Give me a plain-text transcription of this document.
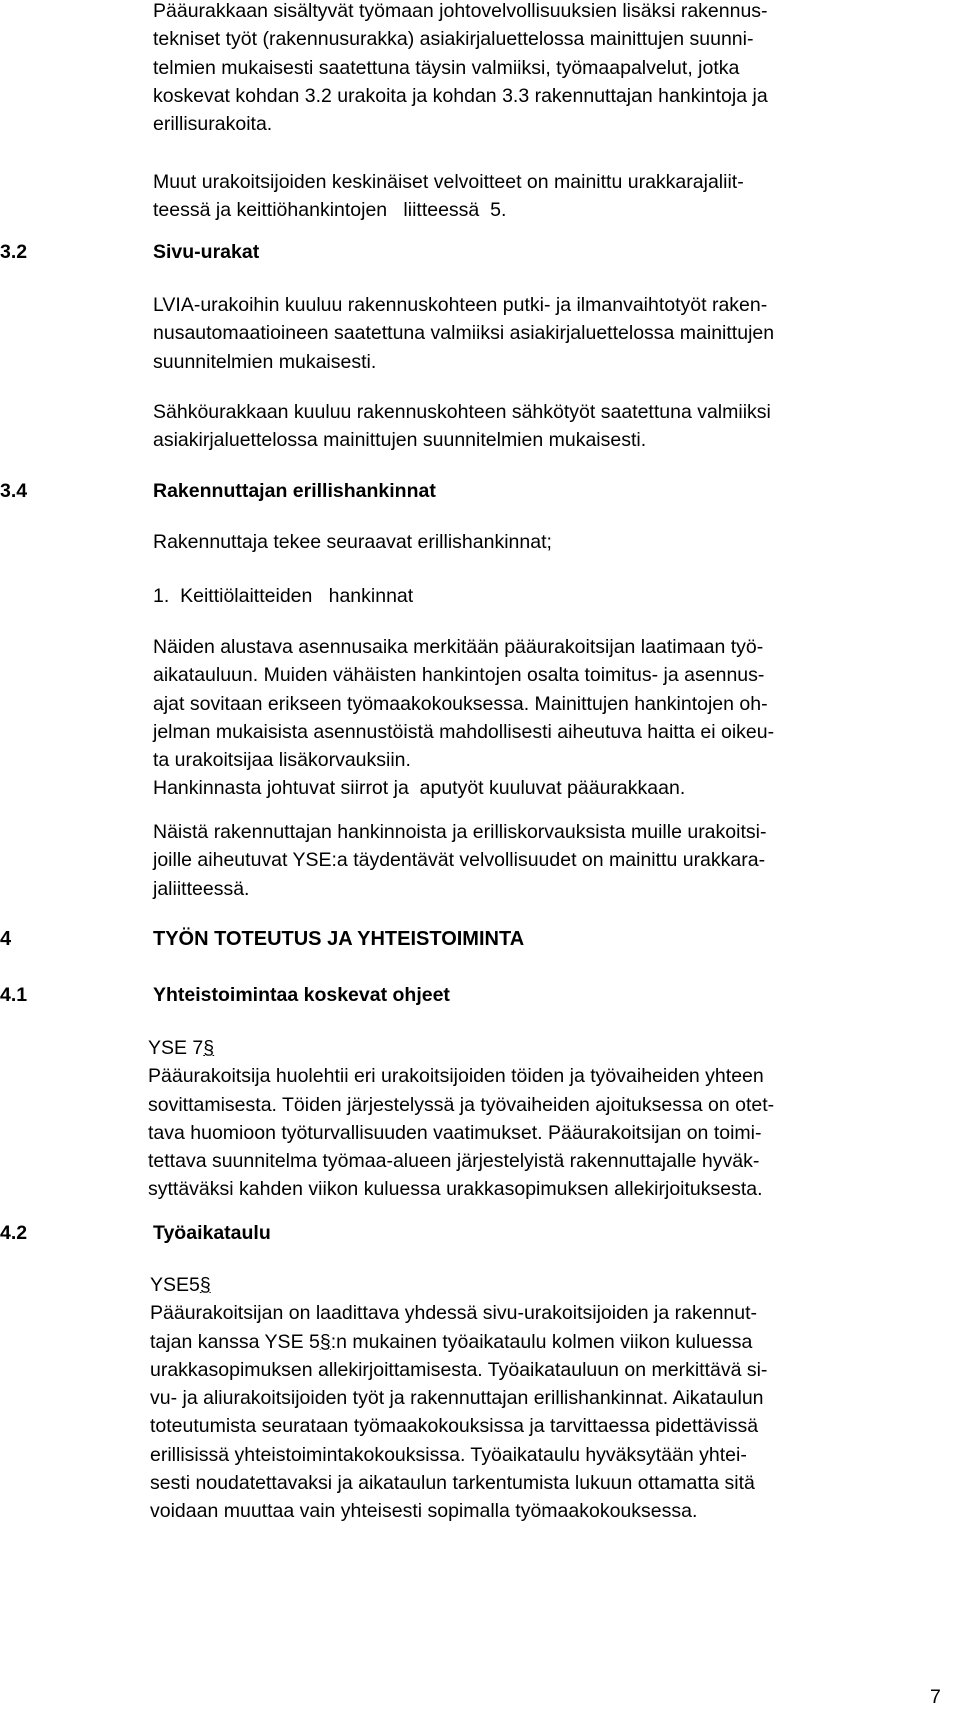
Pääurakkaan sisältyvät työmaan johtovelvollisuuksien lisäksi rakennus-
tekniset työt (rakennusurakka) asiakirjaluettelossa mainittujen suunni-
telmien mukaisesti saatettuna täysin valmiiksi, työmaapalvelut, jotka
koskevat kohdan 3.2 urakoita ja kohdan 3.3 rakennuttajan hankintoja ja
erillisurakoita.

Muut urakoitsijoiden keskinäiset velvoitteet on mainittu urakkarajaliit-
teessä ja keittiöhankintojen   liitteessä  5.

3.2	Sivu-urakat

LVIA-urakoihin kuuluu rakennuskohteen putki- ja ilmanvaihtotyöt raken-
nusautomaatioineen saatettuna valmiiksi asiakirjaluettelossa mainittujen
suunnitelmien mukaisesti.

Sähköurakkaan kuuluu rakennuskohteen sähkötyöt saatettuna valmiiksi
asiakirjaluettelossa mainittujen suunnitelmien mukaisesti.

3.4	Rakennuttajan erillishankinnat

Rakennuttaja tekee seuraavat erillishankinnat;

1.  Keittiölaitteiden   hankinnat

Näiden alustava asennusaika merkitään pääurakoitsijan laatimaan työ-
aikatauluun. Muiden vähäisten hankintojen osalta toimitus- ja asennus-
ajat sovitaan erikseen työmaakokouksessa. Mainittujen hankintojen oh-
jelman mukaisista asennustöistä mahdollisesti aiheutuva haitta ei oikeu-
ta urakoitsijaa lisäkorvauksiin.
Hankinnasta johtuvat siirrot ja  aputyöt kuuluvat pääurakkaan.

Näistä rakennuttajan hankinnoista ja erilliskorvauksista muille urakoitsi-
joille aiheutuvat YSE:a täydentävät velvollisuudet on mainittu urakkara-
jaliitteessä.

4	TYÖN TOTEUTUS JA YHTEISTOIMINTA
4.1	Yhteistoimintaa koskevat ohjeet

YSE 7§
Pääurakoitsija huolehtii eri urakoitsijoiden töiden ja työvaiheiden yhteen
sovittamisesta. Töiden järjestelyssä ja työvaiheiden ajoituksessa on otet-
tava huomioon työturvallisuuden vaatimukset. Pääurakoitsijan on toimi-
tettava suunnitelma työmaa-alueen järjestelyistä rakennuttajalle hyväk-
syttäväksi kahden viikon kuluessa urakkasopimuksen allekirjoituksesta.

4.2	Työaikataulu

YSE5§
Pääurakoitsijan on laadittava yhdessä sivu-urakoitsijoiden ja rakennut-
tajan kanssa YSE 5§:n mukainen työaikataulu kolmen viikon kuluessa
urakkasopimuksen allekirjoittamisesta. Työaikatauluun on merkittävä si-
vu- ja aliurakoitsijoiden työt ja rakennuttajan erillishankinnat. Aikataulun
toteutumista seurataan työmaakokouksissa ja tarvittaessa pidettävissä
erillisissä yhteistoimintakokouksissa. Työaikataulu hyväksytään yhtei-
sesti noudatettavaksi ja aikataulun tarkentumista lukuun ottamatta sitä
voidaan muuttaa vain yhteisesti sopimalla työmaakokouksessa.

7
